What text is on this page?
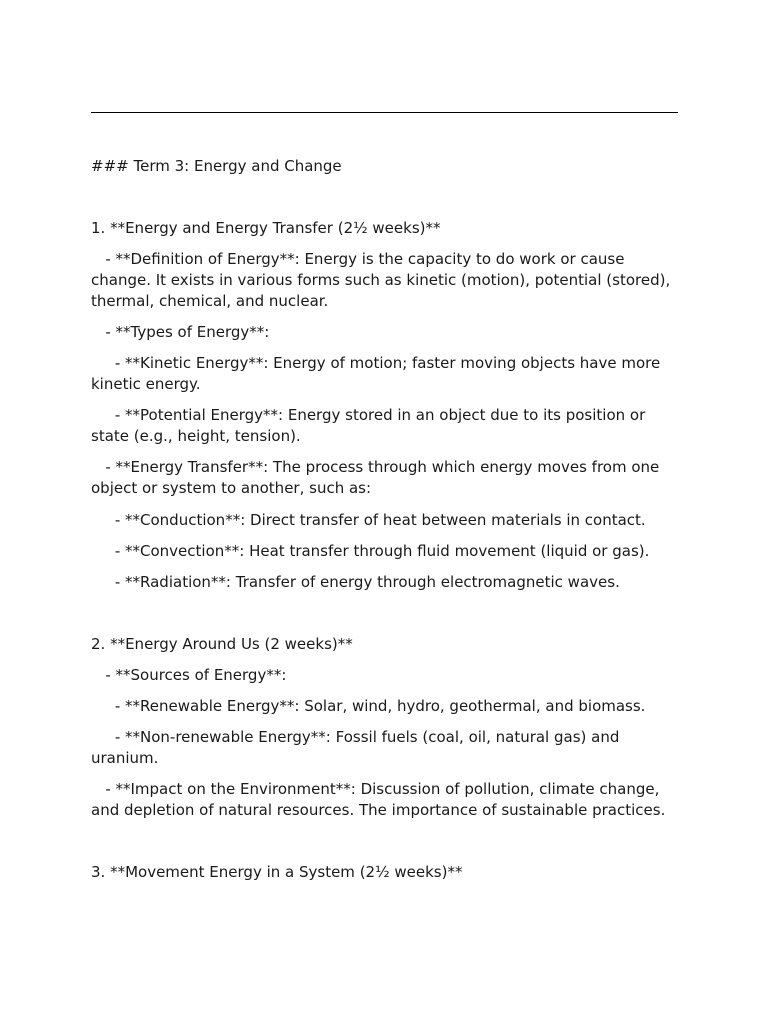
### Term 3: Energy and Change

1. **Energy and Energy Transfer (2½ weeks)**

- **Definition of Energy**: Energy is the capacity to do work or cause change. It exists in various forms such as kinetic (motion), potential (stored), thermal, chemical, and nuclear.

- **Types of Energy**:

- **Kinetic Energy**: Energy of motion; faster moving objects have more kinetic energy.

- **Potential Energy**: Energy stored in an object due to its position or state (e.g., height, tension).

- **Energy Transfer**: The process through which energy moves from one object or system to another, such as:

- **Conduction**: Direct transfer of heat between materials in contact.

- **Convection**: Heat transfer through fluid movement (liquid or gas).

- **Radiation**: Transfer of energy through electromagnetic waves.

2. **Energy Around Us (2 weeks)**

- **Sources of Energy**:

- **Renewable Energy**: Solar, wind, hydro, geothermal, and biomass.

- **Non-renewable Energy**: Fossil fuels (coal, oil, natural gas) and uranium.

- **Impact on the Environment**: Discussion of pollution, climate change, and depletion of natural resources. The importance of sustainable practices.

3. **Movement Energy in a System (2½ weeks)**
